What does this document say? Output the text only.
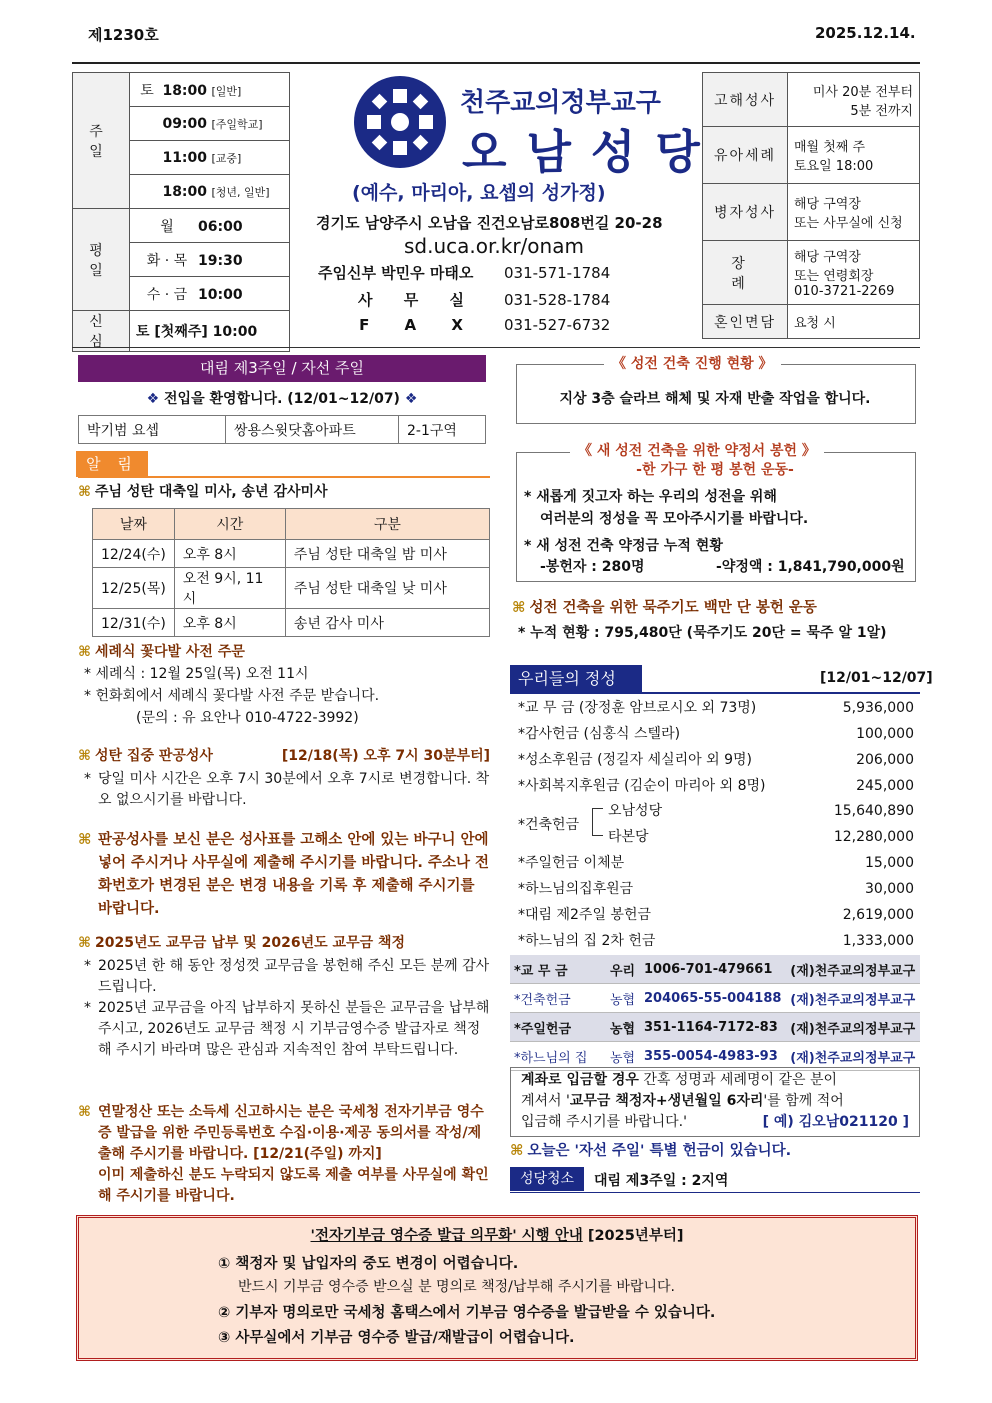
제1230호	2025.12.14.
주 일	토 18:00 [일반]
	09:00 [주일학교]
	11:00 [교중]
	18:00 [청년, 일반]
평 일	월 06:00
	화 · 목 19:30
	수 · 금 10:00
신 심	토 [첫째주] 10:00
천주교의정부교구
오 남 성 당
(예수, 마리아, 요셉의 성가정)
경기도 남양주시 오남읍 진건오남로808번길 20-28
sd.uca.or.kr/onam
주임신부 박민우 마태오 031-571-1784
사 무 실	031-528-1784
F A X	031-527-6732
고해성사	미사 20분 전부터
5분 전까지
유아세례	매월 첫째 주
토요일 18:00
병자성사	해당 구역장
또는 사무실에 신청
장 례	해당 구역장
또는 연령회장
010-3721-2269
혼인면담	요청 시
대림 제3주일 / 자선 주일
❖ 전입을 환영합니다. (12/01~12/07) ❖
박기범 요셉	쌍용스윗닷홈아파트	2-1구역
알 림
⌘ 주님 성탄 대축일 미사, 송년 감사미사
날짜	시간	구분
12/24(수)	오후 8시	주님 성탄 대축일 밤 미사
12/25(목)	오전 9시, 11시	주님 성탄 대축일 낮 미사
12/31(수)	오후 8시	송년 감사 미사
⌘ 세례식 꽃다발 사전 주문
* 세례식 : 12월 25일(목) 오전 11시
* 헌화회에서 세례식 꽃다발 사전 주문 받습니다.
(문의 : 유 요안나 010-4722-3992)
⌘ 성탄 집중 판공성사	[12/18(목) 오후 7시 30분부터]
* 당일 미사 시간은 오후 7시 30분에서 오후 7시로 변경합니다. 착오 없으시기를 바랍니다.
⌘ 판공성사를 보신 분은 성사표를 고해소 안에 있는 바구니 안에 넣어 주시거나 사무실에 제출해 주시기를 바랍니다. 주소나 전화번호가 변경된 분은 변경 내용을 기록 후 제출해 주시기를 바랍니다.
⌘ 2025년도 교무금 납부 및 2026년도 교무금 책정
* 2025년 한 해 동안 정성껏 교무금을 봉헌해 주신 모든 분께 감사드립니다.
* 2025년 교무금을 아직 납부하지 못하신 분들은 교무금을 납부해 주시고, 2026년도 교무금 책정 시 기부금영수증 발급자로 책정해 주시기 바라며 많은 관심과 지속적인 참여 부탁드립니다.
⌘ 연말정산 또는 소득세 신고하시는 분은 국세청 전자기부금 영수증 발급을 위한 주민등록번호 수집·이용·제공 동의서를 작성/제출해 주시기를 바랍니다. [12/21(주일) 까지]
이미 제출하신 분도 누락되지 않도록 제출 여부를 사무실에 확인해 주시기를 바랍니다.
《 성전 건축 진행 현황 》
지상 3층 슬라브 해체 및 자재 반출 작업을 합니다.
《 새 성전 건축을 위한 약정서 봉헌 》
-한 가구 한 평 봉헌 운동-
* 새롭게 짓고자 하는 우리의 성전을 위해
여러분의 정성을 꼭 모아주시기를 바랍니다.
* 새 성전 건축 약정금 누적 현황
-봉헌자 : 280명	-약정액 : 1,841,790,000원
⌘ 성전 건축을 위한 묵주기도 백만 단 봉헌 운동
* 누적 현황 : 795,480단 (묵주기도 20단 = 묵주 알 1알)
우리들의 정성	[12/01~12/07]
*교 무 금 (장정훈 암브로시오 외 73명)	5,936,000
*감사헌금 (심홍식 스텔라)	100,000
*성소후원금 (정길자 세실리아 외 9명)	206,000
*사회복지후원금 (김순이 마리아 외 8명)	245,000
*건축헌금
오남성당	15,640,890
타본당	12,280,000
*주일헌금 이체분	15,000
*하느님의집후원금	30,000
*대림 제2주일 봉헌금	2,619,000
*하느님의 집 2차 헌금	1,333,000
*교 무 금	우리	1006-701-479661	(재)천주교의정부교구
*건축헌금	농협	204065-55-004188	(재)천주교의정부교구
*주일헌금	농협	351-1164-7172-83	(재)천주교의정부교구
*하느님의 집	농협	355-0054-4983-93	(재)천주교의정부교구
계좌로 입금할 경우 간혹 성명과 세례명이 같은 분이
계셔서 '교무금 책정자+생년월일 6자리'를 함께 적어
입금해 주시기를 바랍니다.'	[ 예) 김오남021120 ]
⌘ 오늘은 '자선 주일' 특별 헌금이 있습니다.
성당청소	대림 제3주일 : 2지역
'전자기부금 영수증 발급 의무화' 시행 안내 [2025년부터]
① 책정자 및 납입자의 중도 변경이 어렵습니다.
반드시 기부금 영수증 받으실 분 명의로 책정/납부해 주시기를 바랍니다.
② 기부자 명의로만 국세청 홈택스에서 기부금 영수증을 발급받을 수 있습니다.
③ 사무실에서 기부금 영수증 발급/재발급이 어렵습니다.
